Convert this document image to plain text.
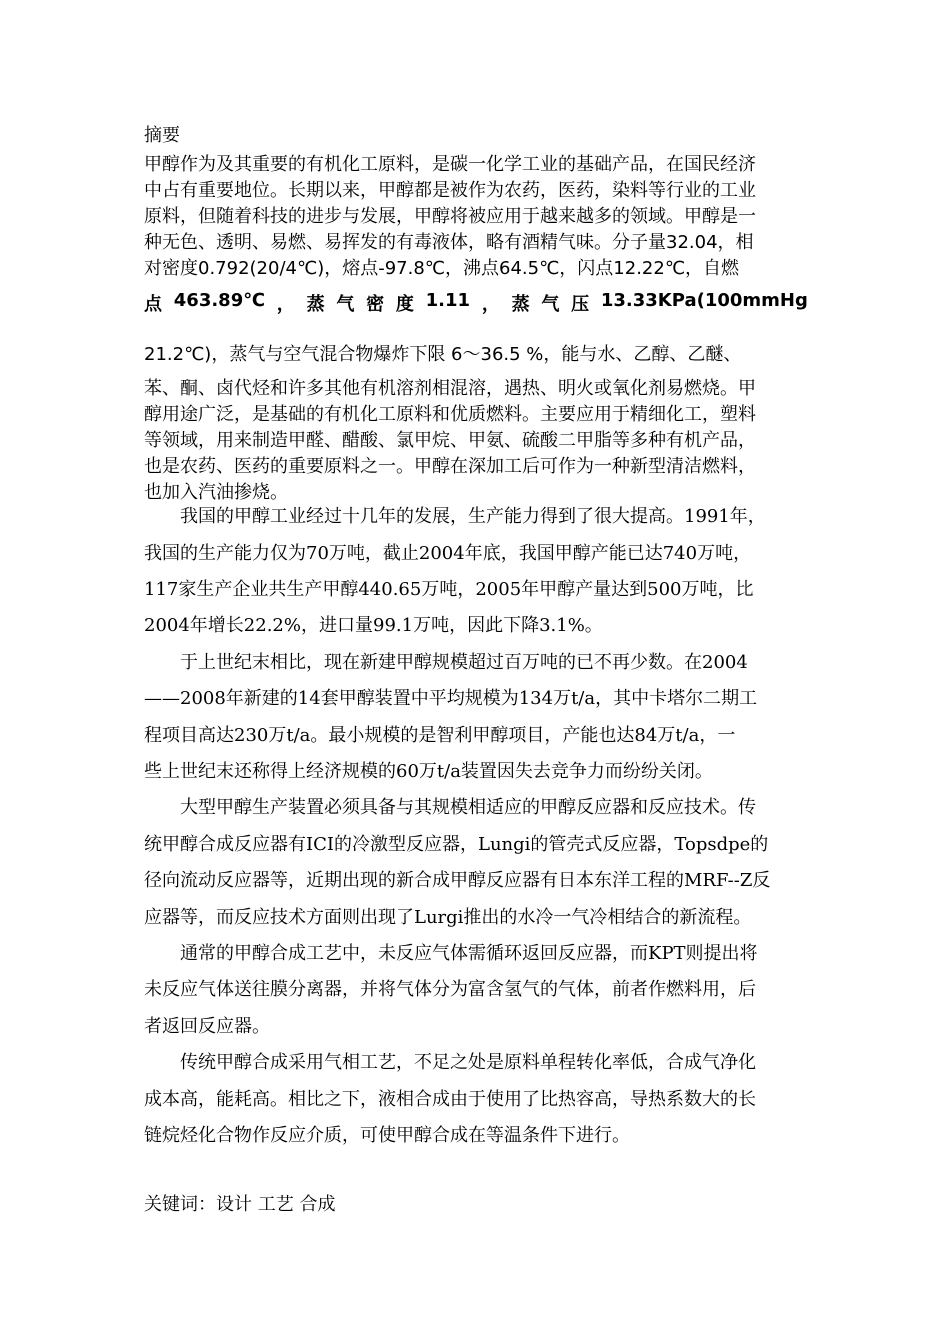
摘要
甲醇作为及其重要的有机化工原料，是碳一化学工业的基础产品，在国民经济
中占有重要地位。长期以来，甲醇都是被作为农药，医药，染料等行业的工业
原料，但随着科技的进步与发展，甲醇将被应用于越来越多的领域。甲醇是一
种无色、透明、易燃、易挥发的有毒液体，略有酒精气味。分子量32.04，相
对密度0.792(20/4℃)，熔点-97.8℃，沸点64.5℃，闪点12.22℃，自燃
点 463.89℃ ， 蒸 气 密 度 1.11 ， 蒸 气 压 13.33KPa(100mmHg
21.2℃)，蒸气与空气混合物爆炸下限 6～36.5 %，能与水、乙醇、乙醚、
苯、酮、卤代烃和许多其他有机溶剂相混溶，遇热、明火或氧化剂易燃烧。甲
醇用途广泛，是基础的有机化工原料和优质燃料。主要应用于精细化工，塑料
等领域，用来制造甲醛、醋酸、氯甲烷、甲氨、硫酸二甲脂等多种有机产品，
也是农药、医药的重要原料之一。甲醇在深加工后可作为一种新型清洁燃料，
也加入汽油掺烧。
　　我国的甲醇工业经过十几年的发展，生产能力得到了很大提高。1991年，
我国的生产能力仅为70万吨，截止2004年底，我国甲醇产能已达740万吨，
117家生产企业共生产甲醇440.65万吨，2005年甲醇产量达到500万吨，比
2004年增长22.2%，进口量99.1万吨，因此下降3.1%。
　　于上世纪末相比，现在新建甲醇规模超过百万吨的已不再少数。在2004
——2008年新建的14套甲醇装置中平均规模为134万t/a，其中卡塔尔二期工
程项目高达230万t/a。最小规模的是智利甲醇项目，产能也达84万t/a，一
些上世纪末还称得上经济规模的60万t/a装置因失去竞争力而纷纷关闭。
　　大型甲醇生产装置必须具备与其规模相适应的甲醇反应器和反应技术。传
统甲醇合成反应器有ICI的冷激型反应器，Lungi的管壳式反应器，Topsdpe的
径向流动反应器等，近期出现的新合成甲醇反应器有日本东洋工程的MRF--Z反
应器等，而反应技术方面则出现了Lurgi推出的水冷一气冷相结合的新流程。
　　通常的甲醇合成工艺中，未反应气体需循环返回反应器，而KPT则提出将
未反应气体送往膜分离器，并将气体分为富含氢气的气体，前者作燃料用，后
者返回反应器。
　　传统甲醇合成采用气相工艺，不足之处是原料单程转化率低，合成气净化
成本高，能耗高。相比之下，液相合成由于使用了比热容高，导热系数大的长
链烷烃化合物作反应介质，可使甲醇合成在等温条件下进行。
关键词：设计 工艺 合成
